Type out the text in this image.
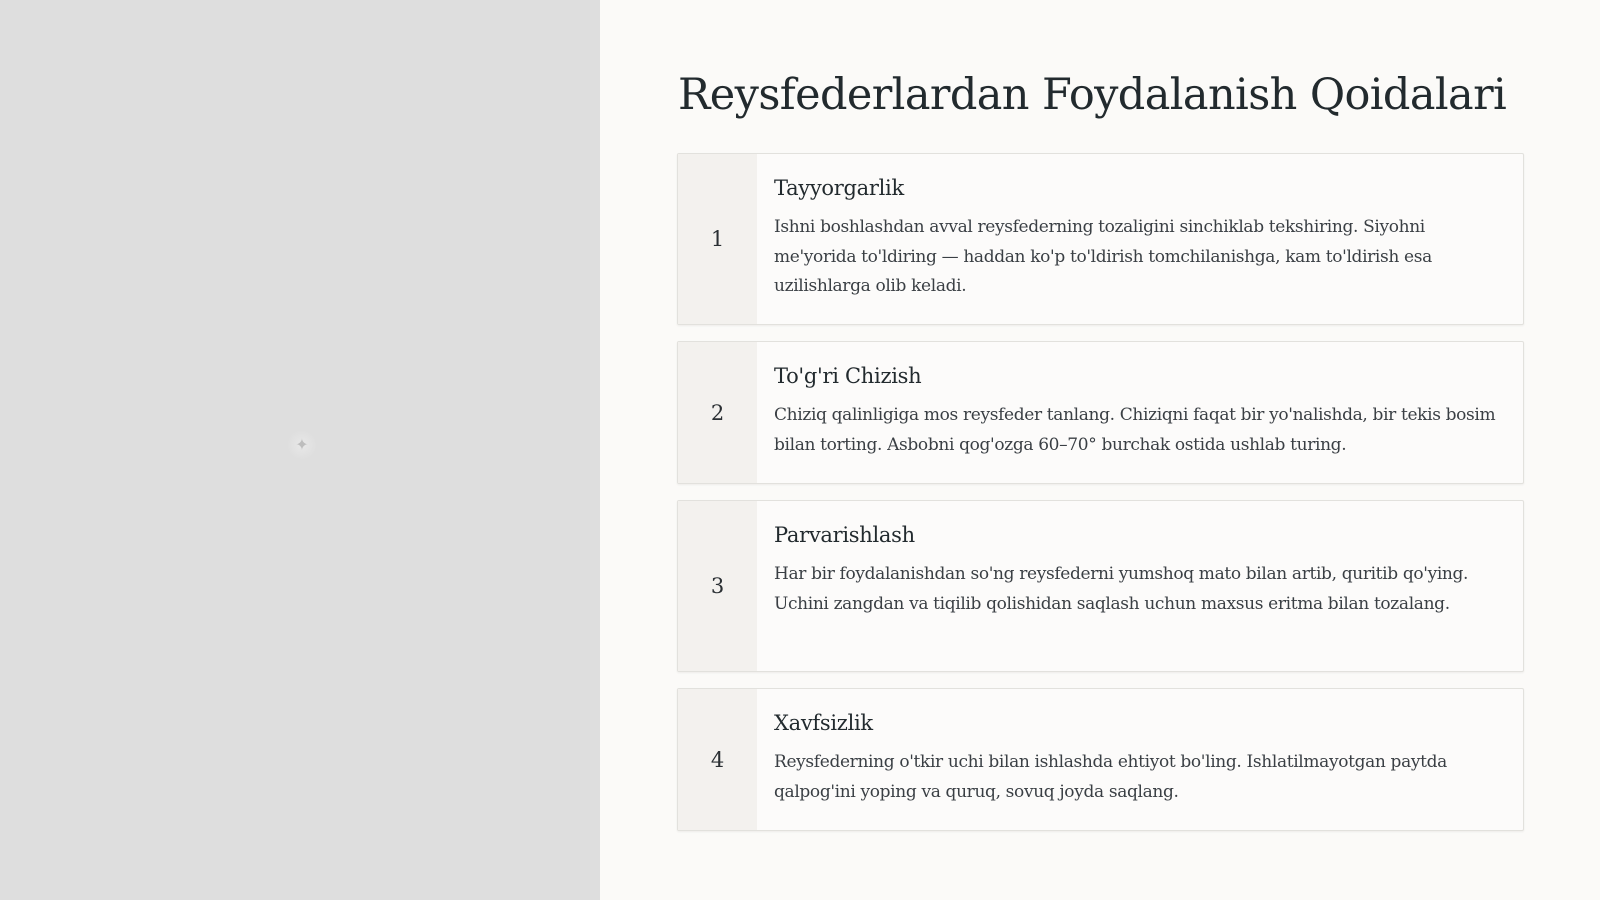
✦
Reysfederlardan Foydalanish Qoidalari
1
Tayyorgarlik

Ishni boshlashdan avval reysfederning tozaligini sinchiklab tekshiring. Siyohni me'yorida to'ldiring — haddan ko'p to'ldirish tomchilanishga, kam to'ldirish esa uzilishlarga olib keladi.

2
To'g'ri Chizish

Chiziq qalinligiga mos reysfeder tanlang. Chiziqni faqat bir yo'nalishda, bir tekis bosim bilan torting. Asbobni qog'ozga 60–70° burchak ostida ushlab turing.

3
Parvarishlash

Har bir foydalanishdan so'ng reysfederni yumshoq mato bilan artib, quritib qo'ying. Uchini zangdan va tiqilib qolishidan saqlash uchun maxsus eritma bilan tozalang.

4
Xavfsizlik

Reysfederning o'tkir uchi bilan ishlashda ehtiyot bo'ling. Ishlatilmayotgan paytda qalpog'ini yoping va quruq, sovuq joyda saqlang.
